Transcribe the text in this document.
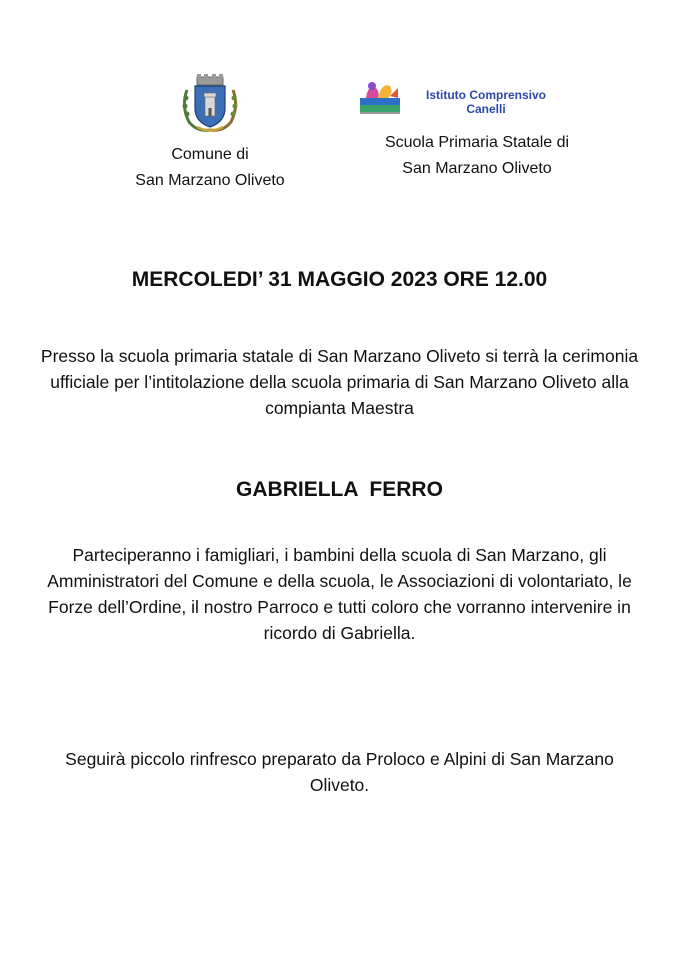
Comune di

San Marzano Oliveto

Istituto Comprensivo
Canelli

Scuola Primaria Statale di

San Marzano Oliveto

MERCOLEDI’ 31 MAGGIO 2023 ORE 12.00

Presso la scuola primaria statale di San Marzano Oliveto si terrà la cerimonia ufficiale per l’intitolazione della scuola primaria di San Marzano Oliveto alla compianta Maestra

GABRIELLA  FERRO

Parteciperanno i famigliari, i bambini della scuola di San Marzano, gli Amministratori del Comune e della scuola, le Associazioni di volontariato, le Forze dell’Ordine, il nostro Parroco e tutti coloro che vorranno intervenire in ricordo di Gabriella.

Seguirà piccolo rinfresco preparato da Proloco e Alpini di San Marzano Oliveto.
